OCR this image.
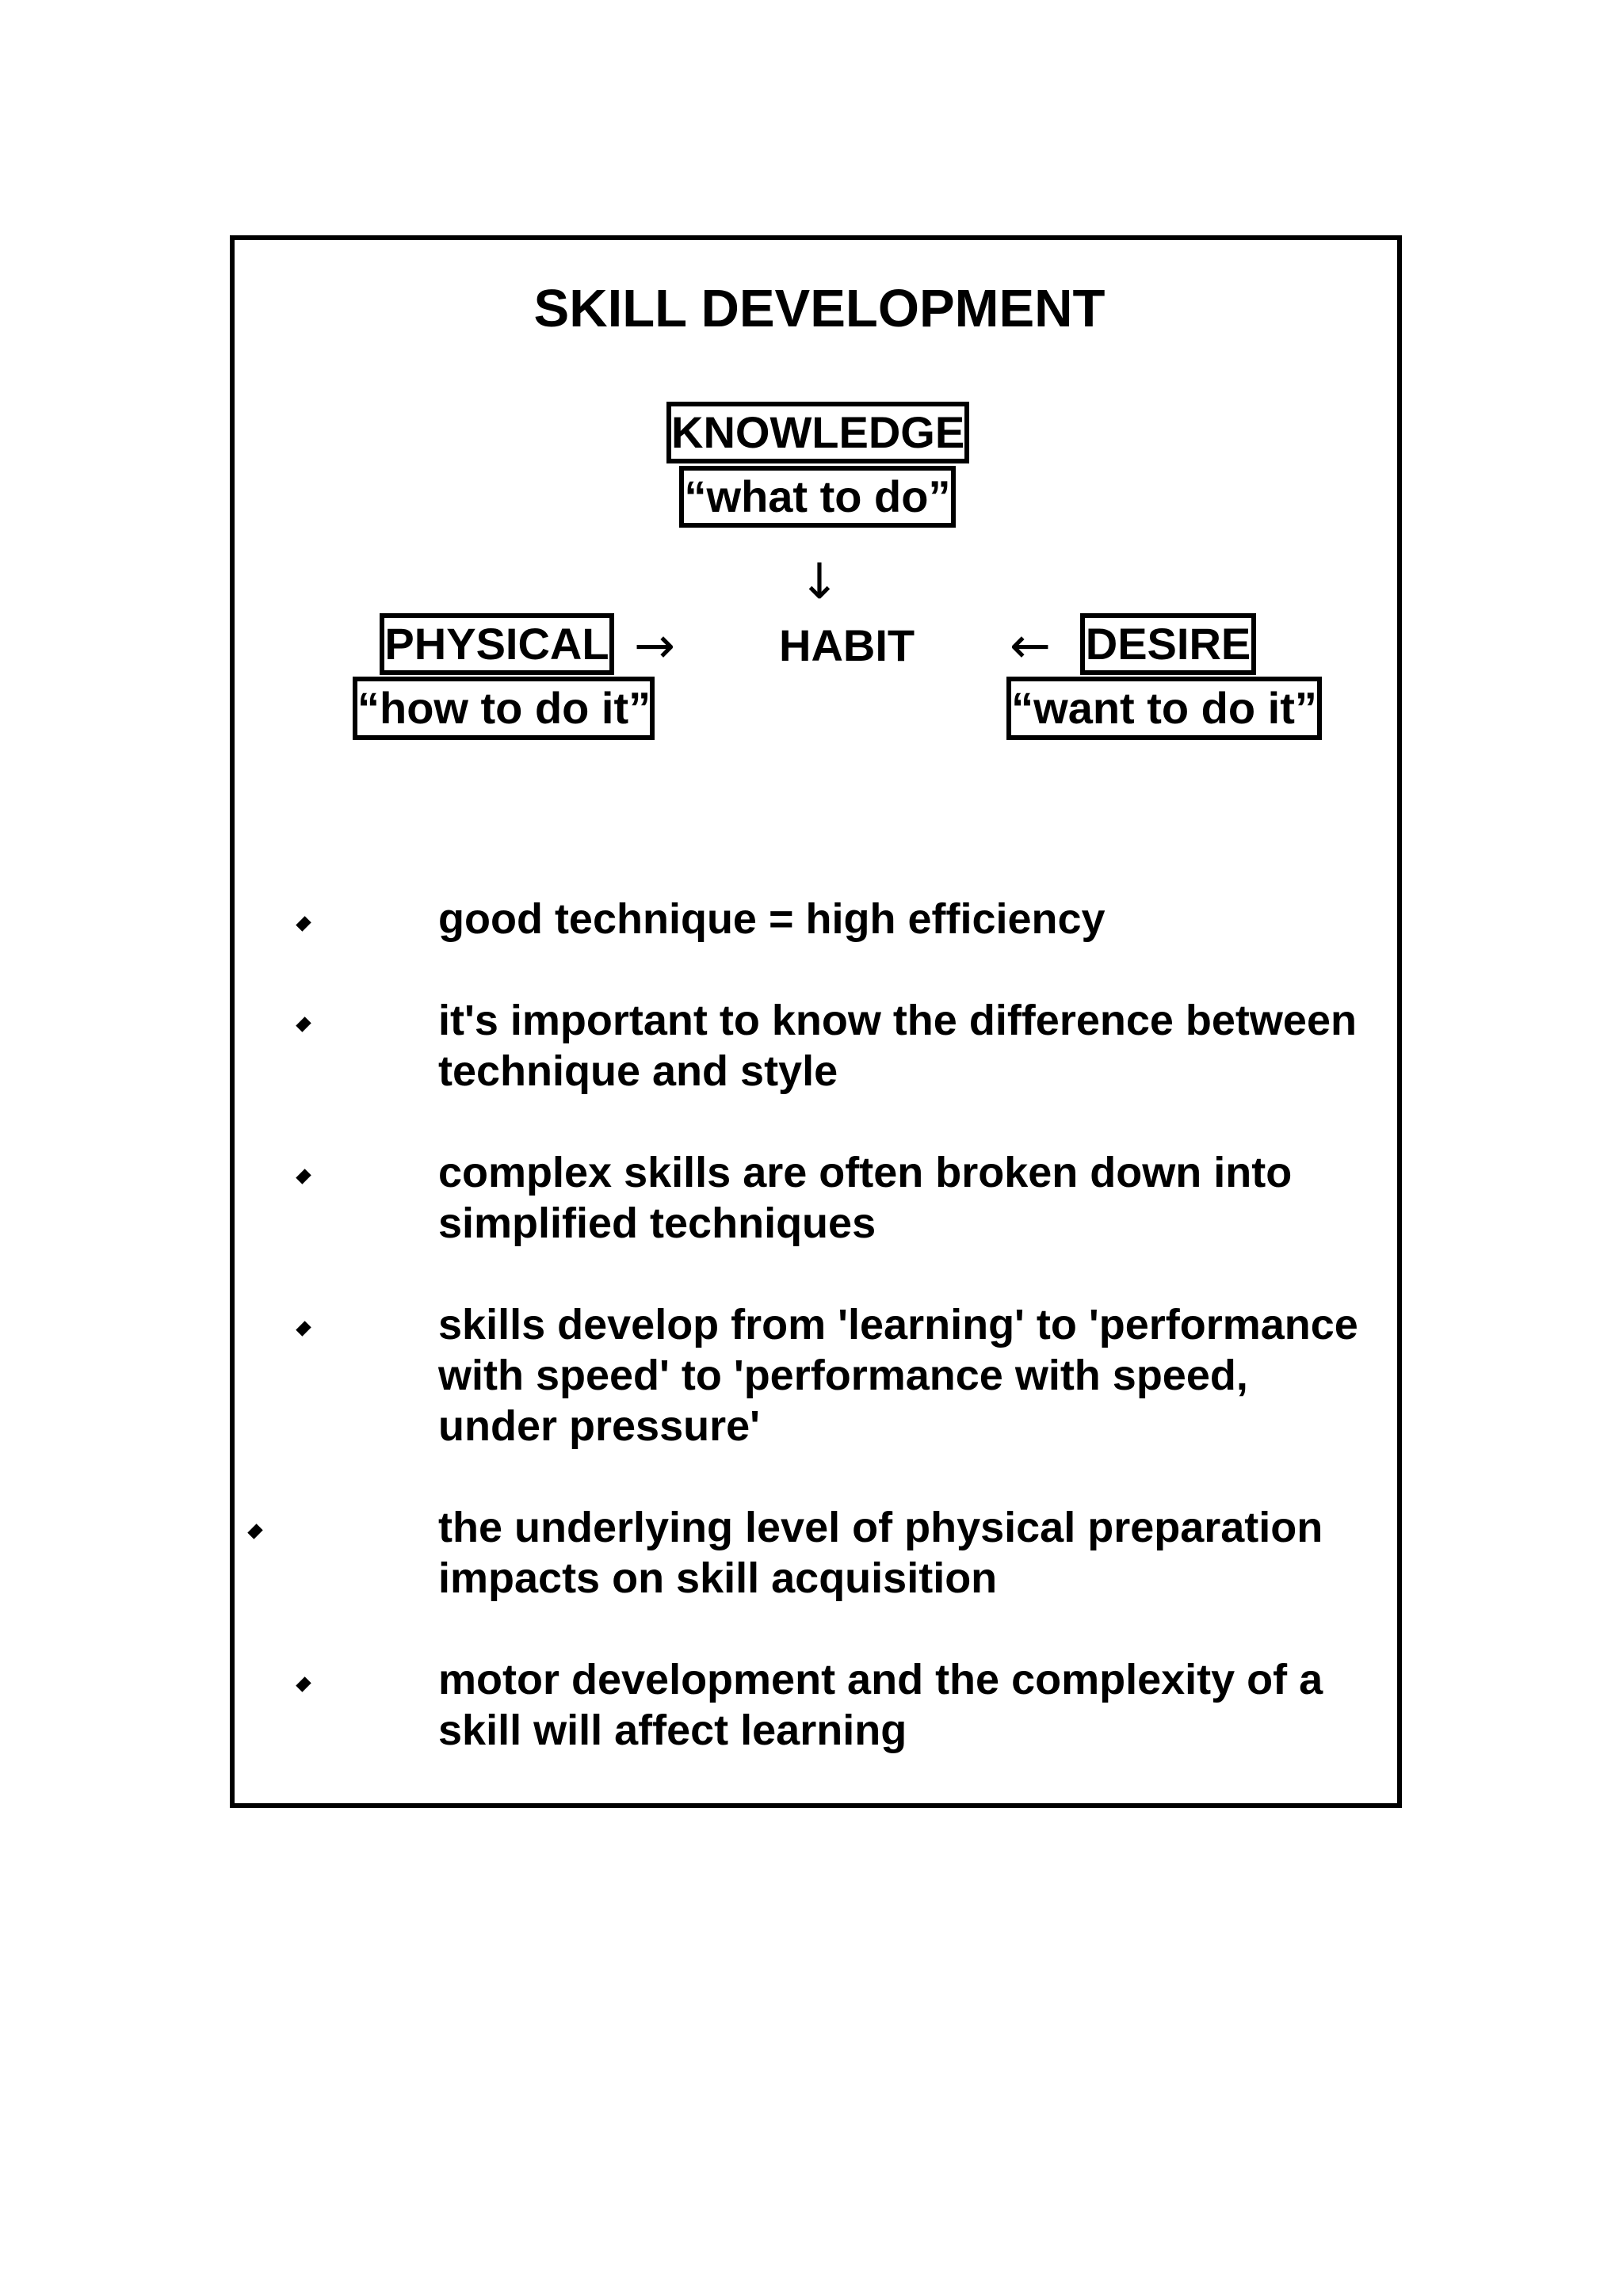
SKILL DEVELOPMENT
KNOWLEDGE
“what to do”
↓
PHYSICAL → HABIT ← DESIRE
“how to do it”	“want to do it”
good technique = high efficiency
it's important to know the difference between
technique and style
complex skills are often broken down into
simplified techniques
skills develop from 'learning' to 'performance
with speed' to 'performance with speed,
under pressure'
the underlying level of physical preparation
impacts on skill acquisition
motor development and the complexity of a
skill will affect learning
